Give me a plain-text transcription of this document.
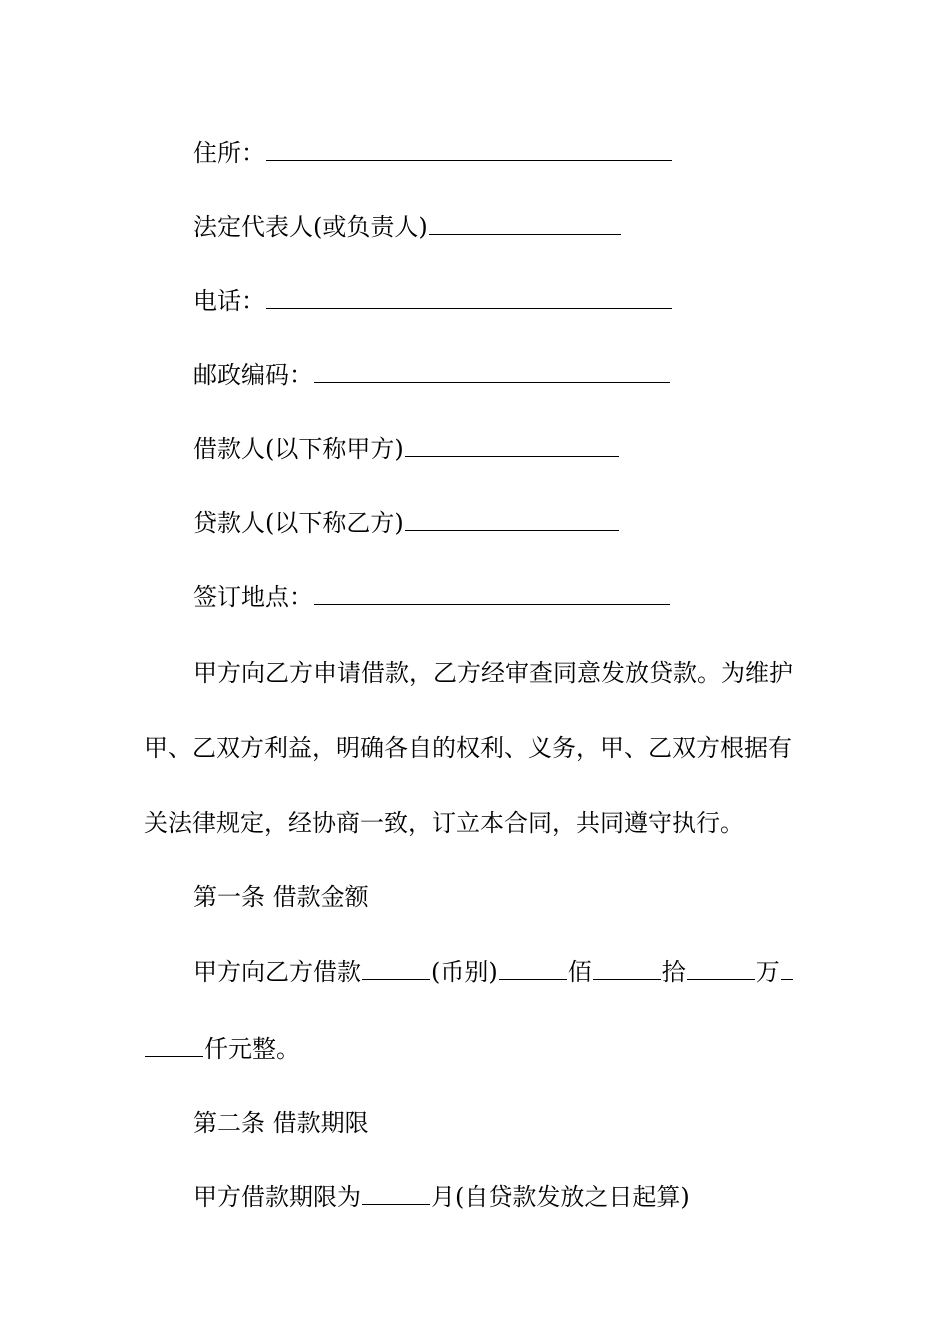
住所：
法定代表人(或负责人)
电话：
邮政编码：
借款人(以下称甲方)
贷款人(以下称乙方)
签订地点：
甲方向乙方申请借款，乙方经审查同意发放贷款。为维护
甲、乙双方利益，明确各自的权利、义务，甲、乙双方根据有
关法律规定，经协商一致，订立本合同，共同遵守执行。
第一条 借款金额
甲方向乙方借款	(币别)	佰	拾	万
仟元整。
第二条 借款期限
甲方借款期限为	月(自贷款发放之日起算)
